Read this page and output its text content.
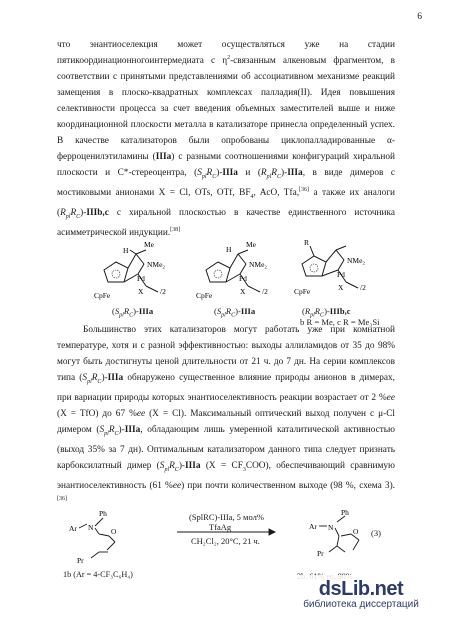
6

что энантиоселекция может осуществляться уже на стадии пятикоординационногоинтермедиата с $\eta^2$-связанным алкеновым фрагментом, в соответствии с принятыми представлениями об ассоциативном механизме реакций замещения в плоско-квадратных комплексах палладия(II). Идея повышения селективности процесса за счет введения объемных заместителей выше и ниже координационной плоскости металла в катализаторе принесла определенный успех. В качестве катализаторов были опробованы циклопалладированные α-ферроценилэтиламины (IIIa) с разными соотношениями конфигураций хиральной плоскости и С*-стереоцентра, $(S_{pl}R_C)$-IIIa и $(R_{pl}R_C)$-IIIa, в виде димеров с мостиковыми анионами X = Cl, OTs, OTf, $BF_4$, AcO, Tfa,[36] а также их аналоги $(R_{pl}R_C)-IIIb,c$ с хиральной плоскостью в качестве единственного источника асимметрической индукции.[38]

Me
H
NMe₂
Pd
X /2
CpFe
Me
H
NMe₂
Pd
X /2
CpFe
R
NMe₂
Pd
X /2
CpFe
$(S_{pl}R_C)$-IIIa	$(S_{pl}R_C)$-IIIa	$(R_{pl}R_C)-IIIb,c$
b R = Me, c R = Me₃Si

Большинство этих катализаторов могут работать уже при комнатной температуре, хотя и с разной эффективностью: выходы аллиламидов от 35 до 98% могут быть достигнуты ценой длительности от 21 ч. до 7 дн. На серии комплексов типа $(S_{pl}R_C)$-IIIa обнаружено существенное влияние природы анионов в димерах, при вариации природы которых энантиоселективность реакции возрастает от 2 %ee (X = TfO) до 67 %ee (X = Cl). Максимальный оптический выход получен с μ-Cl димером $(S_{pl}R_C)$-IIIa, обладающим лишь умеренной каталитической активностью (выход 35% за 7 дн). Оптимальным катализатором данного типа следует признать карбоксилатный димер $(S_{pl}R_C)$-IIIa $(X = CF_3COO)$, обеспечивающий сравнимую энантиоселективность (61 %ee) при почти количественном выходе (98 %, схема 3).[36]

Ph
Ar N O
Pr
Ph
Ar N	O
Pr
(SplRC)-IIIa, 5 мол%
TfaAg
CH₂Cl₂, 20°C, 21 ч.
(3)
1b (Ar = 4-CF₃C₆H₄)
dsLib.net
библиотека диссертаций
